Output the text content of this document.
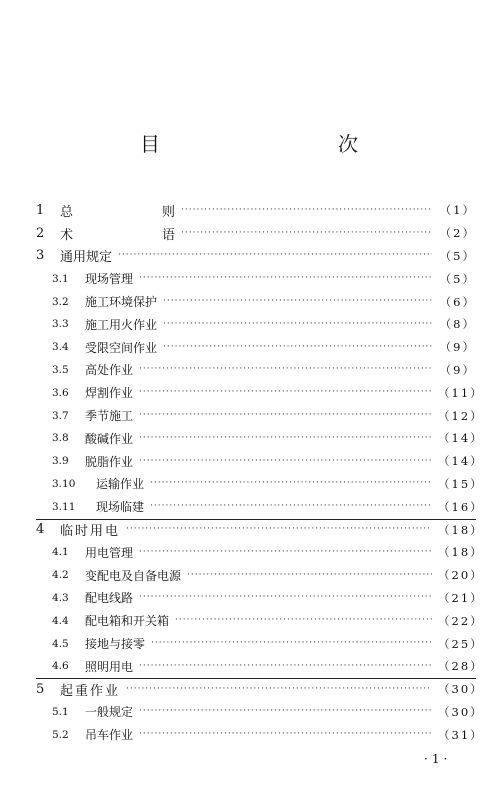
目　　次
1	总　则 ·····	（1）
2	术　语 ·····	（2）
3	通用规定 ·····	（5）
3.1	现场管理 ·····	（5）
3.2	施工环境保护 ·····	（6）
3.3	施工用火作业 ·····	（8）
3.4	受限空间作业 ·····	（9）
3.5	高处作业 ·····	（9）
3.6	焊割作业 ·····	（11）
3.7	季节施工 ·····	（12）
3.8	酸碱作业 ·····	（14）
3.9	脱脂作业 ·····	（14）
3.10	运输作业 ·····	（15）
3.11	现场临建 ·····	（16）
4	临时用电 ·····	（18）
4.1	用电管理 ·····	（18）
4.2	变配电及自备电源 ·····	（20）
4.3	配电线路 ·····	（21）
4.4	配电箱和开关箱 ·····	（22）
4.5	接地与接零 ·····	（25）
4.6	照明用电 ·····	（28）
5	起重作业 ·····	（30）
5.1	一般规定 ·····	（30）
5.2	吊车作业 ·····	（31）
·1·
